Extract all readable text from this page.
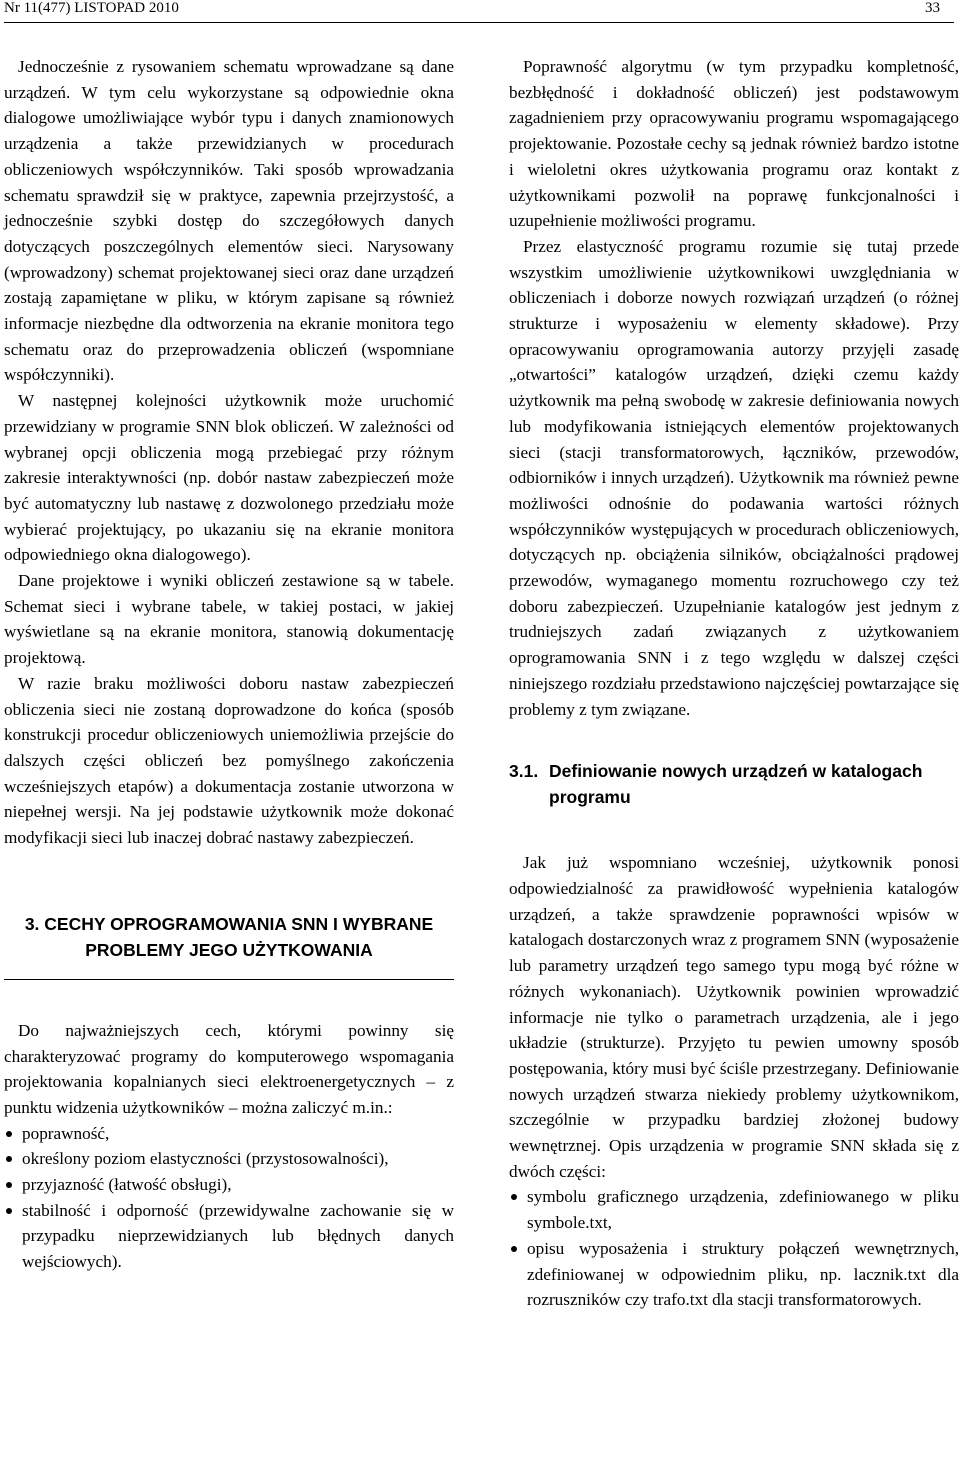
Nr 11(477) LISTOPAD 2010	33

Jednocześnie z rysowaniem schematu wprowadzane są dane urządzeń. W tym celu wykorzystane są odpowiednie okna dialogowe umożliwiające wybór typu i danych znamionowych urządzenia a także przewidzianych w procedurach obliczeniowych współczynników. Taki sposób wprowadzania schematu sprawdził się w praktyce, zapewnia przejrzystość, a jednocześnie szybki dostęp do szczegółowych danych dotyczących poszczególnych elementów sieci. Narysowany (wprowadzony) schemat projektowanej sieci oraz dane urządzeń zostają zapamiętane w pliku, w którym zapisane są również informacje niezbędne dla odtworzenia na ekranie monitora tego schematu oraz do przeprowadzenia obliczeń (wspomniane współczynniki).

W następnej kolejności użytkownik może uruchomić przewidziany w programie SNN blok obliczeń. W zależności od wybranej opcji obliczenia mogą przebiegać przy różnym zakresie interaktywności (np. dobór nastaw zabezpieczeń może być automatyczny lub nastawę z dozwolonego przedziału może wybierać projektujący, po ukazaniu się na ekranie monitora odpowiedniego okna dialogowego).

Dane projektowe i wyniki obliczeń zestawione są w tabele. Schemat sieci i wybrane tabele, w takiej postaci, w jakiej wyświetlane są na ekranie monitora, stanowią dokumentację projektową.

W razie braku możliwości doboru nastaw zabezpieczeń obliczenia sieci nie zostaną doprowadzone do końca (sposób konstrukcji procedur obliczeniowych uniemożliwia przejście do dalszych części obliczeń bez pomyślnego zakończenia wcześniejszych etapów) a dokumentacja zostanie utworzona w niepełnej wersji. Na jej podstawie użytkownik może dokonać modyfikacji sieci lub inaczej dobrać nastawy zabezpieczeń.

3. CECHY OPROGRAMOWANIA SNN I WYBRANE PROBLEMY JEGO UŻYTKOWANIA

Do najważniejszych cech, którymi powinny się charakteryzować programy do komputerowego wspomagania projektowania kopalnianych sieci elektroenergetycznych – z punktu widzenia użytkowników – można zaliczyć m.in.:

poprawność,
określony poziom elastyczności (przystosowalności),
przyjazność (łatwość obsługi),
stabilność i odporność (przewidywalne zachowanie się w przypadku nieprzewidzianych lub błędnych danych wejściowych).

Poprawność algorytmu (w tym przypadku kompletność, bezbłędność i dokładność obliczeń) jest podstawowym zagadnieniem przy opracowywaniu programu wspomagającego projektowanie. Pozostałe cechy są jednak również bardzo istotne i wieloletni okres użytkowania programu oraz kontakt z użytkownikami pozwolił na poprawę funkcjonalności i uzupełnienie możliwości programu.

Przez elastyczność programu rozumie się tutaj przede wszystkim umożliwienie użytkownikowi uwzględniania w obliczeniach i doborze nowych rozwiązań urządzeń (o różnej strukturze i wyposażeniu w elementy składowe). Przy opracowywaniu oprogramowania autorzy przyjęli zasadę „otwartości” katalogów urządzeń, dzięki czemu każdy użytkownik ma pełną swobodę w zakresie definiowania nowych lub modyfikowania istniejących elementów projektowanych sieci (stacji transformatorowych, łączników, przewodów, odbiorników i innych urządzeń). Użytkownik ma również pewne możliwości odnośnie do podawania wartości różnych współczynników występujących w procedurach obliczeniowych, dotyczących np. obciążenia silników, obciążalności prądowej przewodów, wymaganego momentu rozruchowego czy też doboru zabezpieczeń. Uzupełnianie katalogów jest jednym z trudniejszych zadań związanych z użytkowaniem oprogramowania SNN i z tego względu w dalszej części niniejszego rozdziału przedstawiono najczęściej powtarzające się problemy z tym związane.

3.1. Definiowanie nowych urządzeń w katalogach programu

Jak już wspomniano wcześniej, użytkownik ponosi odpowiedzialność za prawidłowość wypełnienia katalogów urządzeń, a także sprawdzenie poprawności wpisów w katalogach dostarczonych wraz z programem SNN (wyposażenie lub parametry urządzeń tego samego typu mogą być różne w różnych wykonaniach). Użytkownik powinien wprowadzić informacje nie tylko o parametrach urządzenia, ale i jego układzie (strukturze). Przyjęto tu pewien umowny sposób postępowania, który musi być ściśle przestrzegany. Definiowanie nowych urządzeń stwarza niekiedy problemy użytkownikom, szczególnie w przypadku bardziej złożonej budowy wewnętrznej. Opis urządzenia w programie SNN składa się z dwóch części:

symbolu graficznego urządzenia, zdefiniowanego w pliku symbole.txt,
opisu wyposażenia i struktury połączeń wewnętrznych, zdefiniowanej w odpowiednim pliku, np. lacznik.txt dla rozruszników czy trafo.txt dla stacji transformatorowych.
